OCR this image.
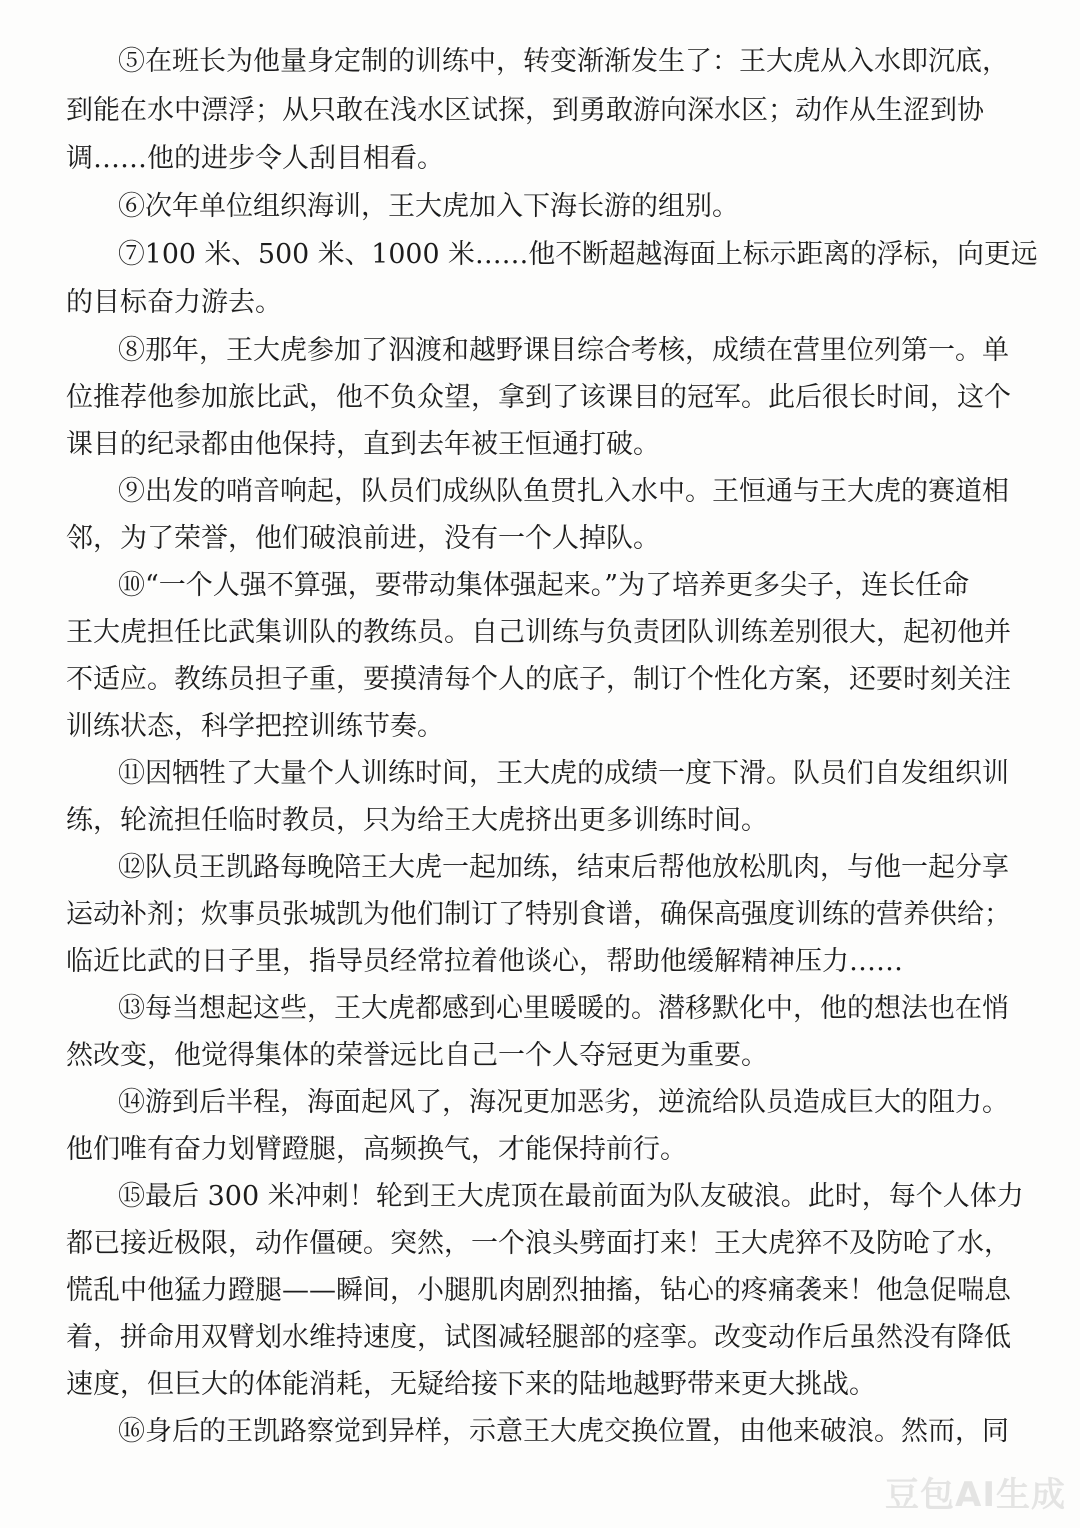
⑤在班长为他量身定制的训练中，转变渐渐发生了：王大虎从入水即沉底，
到能在水中漂浮；从只敢在浅水区试探，到勇敢游向深水区；动作从生涩到协
调……他的进步令人刮目相看。
⑥次年单位组织海训，王大虎加入下海长游的组别。
⑦100 米、500 米、1000 米……他不断超越海面上标示距离的浮标，向更远
的目标奋力游去。
⑧那年，王大虎参加了泅渡和越野课目综合考核，成绩在营里位列第一。单
位推荐他参加旅比武，他不负众望，拿到了该课目的冠军。此后很长时间，这个
课目的纪录都由他保持，直到去年被王恒通打破。
⑨出发的哨音响起，队员们成纵队鱼贯扎入水中。王恒通与王大虎的赛道相
邻，为了荣誉，他们破浪前进，没有一个人掉队。
⑩“一个人强不算强，要带动集体强起来。”为了培养更多尖子，连长任命
王大虎担任比武集训队的教练员。自己训练与负责团队训练差别很大，起初他并
不适应。教练员担子重，要摸清每个人的底子，制订个性化方案，还要时刻关注
训练状态，科学把控训练节奏。
⑪因牺牲了大量个人训练时间，王大虎的成绩一度下滑。队员们自发组织训
练，轮流担任临时教员，只为给王大虎挤出更多训练时间。
⑫队员王凯路每晚陪王大虎一起加练，结束后帮他放松肌肉，与他一起分享
运动补剂；炊事员张城凯为他们制订了特别食谱，确保高强度训练的营养供给；
临近比武的日子里，指导员经常拉着他谈心，帮助他缓解精神压力……
⑬每当想起这些，王大虎都感到心里暖暖的。潜移默化中，他的想法也在悄
然改变，他觉得集体的荣誉远比自己一个人夺冠更为重要。
⑭游到后半程，海面起风了，海况更加恶劣，逆流给队员造成巨大的阻力。
他们唯有奋力划臂蹬腿，高频换气，才能保持前行。
⑮最后 300 米冲刺！轮到王大虎顶在最前面为队友破浪。此时，每个人体力
都已接近极限，动作僵硬。突然，一个浪头劈面打来！王大虎猝不及防呛了水，
慌乱中他猛力蹬腿——瞬间，小腿肌肉剧烈抽搐，钻心的疼痛袭来！他急促喘息
着，拼命用双臂划水维持速度，试图减轻腿部的痉挛。改变动作后虽然没有降低
速度，但巨大的体能消耗，无疑给接下来的陆地越野带来更大挑战。
⑯身后的王凯路察觉到异样，示意王大虎交换位置，由他来破浪。然而，同
豆包AI生成
